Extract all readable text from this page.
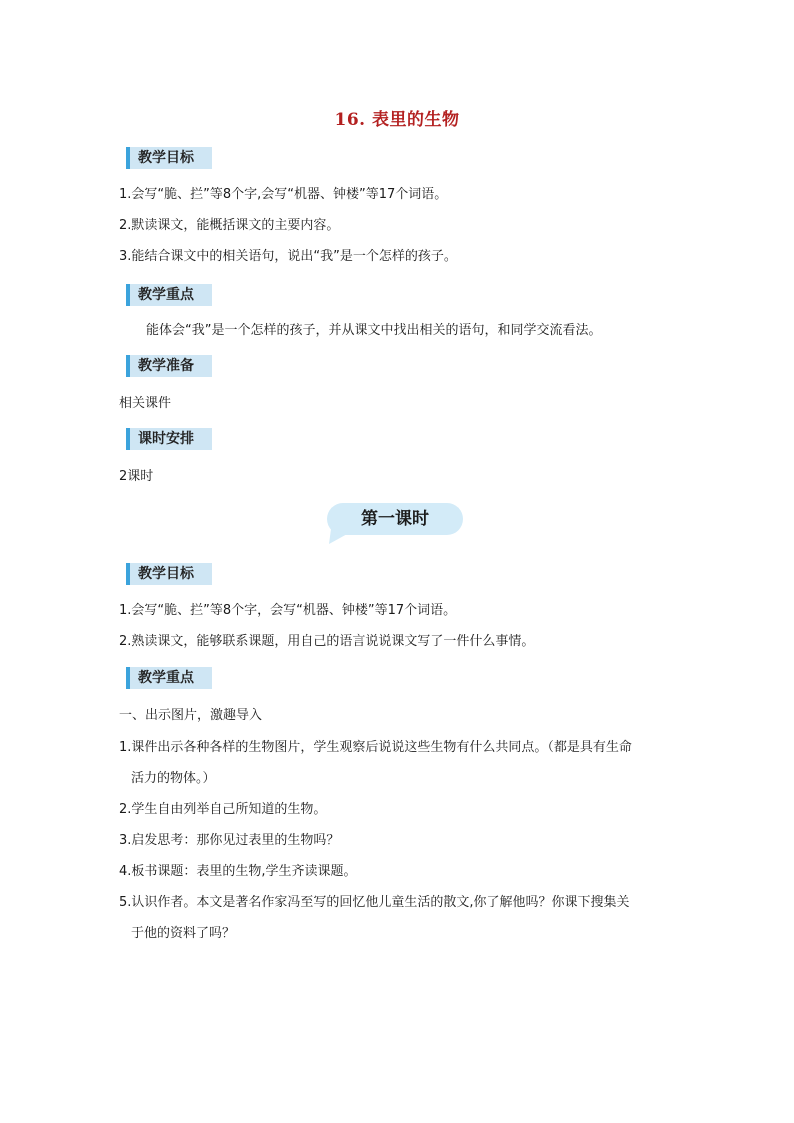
16. 表里的生物
教学目标
1.会写“脆、拦”等8个字,会写“机器、钟楼”等17个词语。
2.默读课文，能概括课文的主要内容。
3.能结合课文中的相关语句，说出“我”是一个怎样的孩子。
教学重点
能体会“我”是一个怎样的孩子，并从课文中找出相关的语句，和同学交流看法。
教学准备
相关课件
课时安排
2课时
第一课时
教学目标
1.会写“脆、拦”等8个字，会写“机器、钟楼”等17个词语。
2.熟读课文，能够联系课题，用自己的语言说说课文写了一件什么事情。
教学重点
一、出示图片，激趣导入
1.课件出示各种各样的生物图片，学生观察后说说这些生物有什么共同点。（都是具有生命
活力的物体。）
2.学生自由列举自己所知道的生物。
3.启发思考：那你见过表里的生物吗？
4.板书课题：表里的生物,学生齐读课题。
5.认识作者。本文是著名作家冯至写的回忆他儿童生活的散文,你了解他吗？你课下搜集关
于他的资料了吗？
